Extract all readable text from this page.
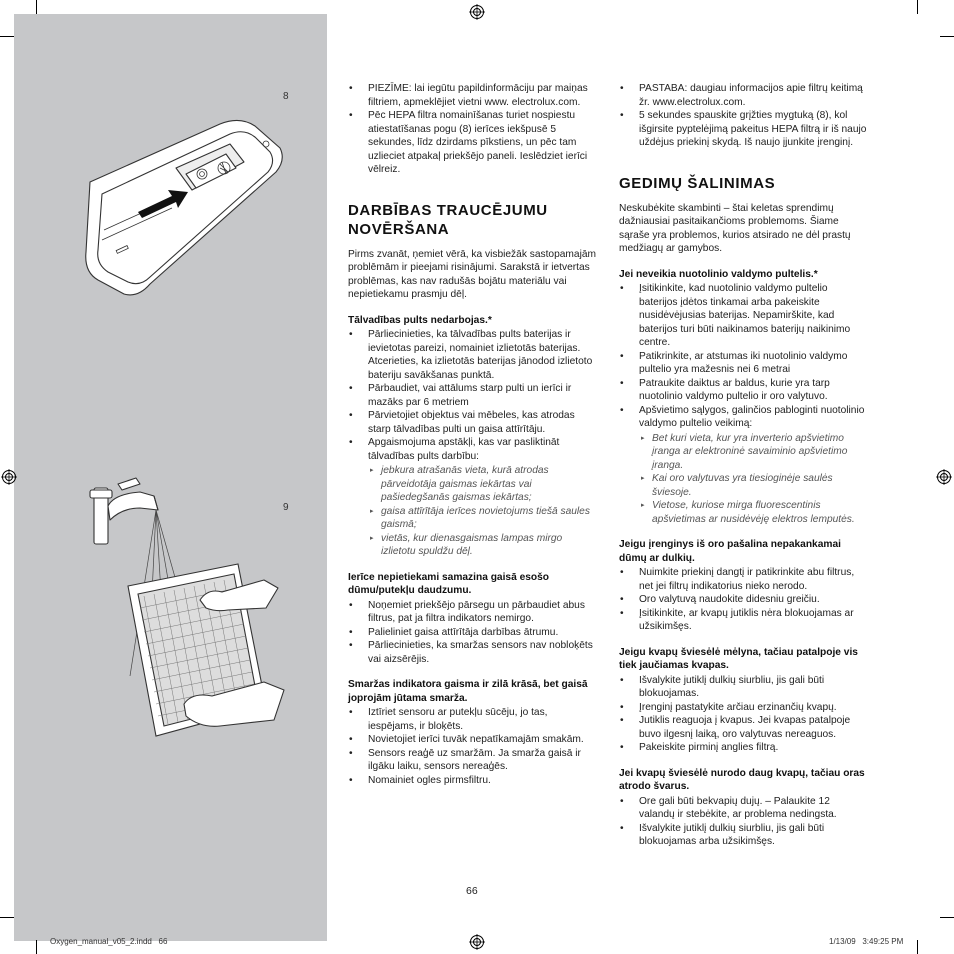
8
9
• PIEZĪME: lai iegūtu papildinformāciju par maiņas filtriem, apmeklējiet vietni www. electrolux.com.
• Pēc HEPA filtra nomainīšanas turiet nospiestu atiestatīšanas pogu (8) ierīces iekšpusē 5 sekundes, līdz dzirdams pīkstiens, un pēc tam uzlieciet atpakaļ priekšējo paneli. Ieslēdziet ierīci vēlreiz.
DARBĪBAS TRAUCĒJUMU NOVĒRŠANA

Pirms zvanāt, ņemiet vērā, ka visbiežāk sastopamajām problēmām ir pieejami risinājumi. Sarakstā ir ietvertas problēmas, kas nav radušās bojātu materiālu vai nepietiekamu prasmju dēļ.

Tālvadības pults nedarbojas.*
• Pārliecinieties, ka tālvadības pults baterijas ir ievietotas pareizi, nomainiet izlietotās baterijas. Atcerieties, ka izlietotās baterijas jānodod izlietoto bateriju savākšanas punktā.
• Pārbaudiet, vai attālums starp pulti un ierīci ir mazāks par 6 metriem
• Pārvietojiet objektus vai mēbeles, kas atrodas starp tālvadības pulti un gaisa attīrītāju.
• Apgaismojuma apstākļi, kas var pasliktināt tālvadības pults darbību:
▸ jebkura atrašanās vieta, kurā atrodas pārveidotāja gaismas iekārtas vai pašiedegšanās gaismas iekārtas;
▸ gaisa attīrītāja ierīces novietojums tiešā saules gaismā;
▸ vietās, kur dienasgaismas lampas mirgo izlietotu spuldžu dēļ.
Ierīce nepietiekami samazina gaisā esošo dūmu/putekļu daudzumu.
• Noņemiet priekšējo pārsegu un pārbaudiet abus filtrus, pat ja filtra indikators nemirgo.
• Palieliniet gaisa attīrītāja darbības ātrumu.
• Pārliecinieties, ka smaržas sensors nav nobloķēts vai aizsērējis.
Smaržas indikatora gaisma ir zilā krāsā, bet gaisā joprojām jūtama smarža.
• Iztīriet sensoru ar putekļu sūcēju, jo tas, iespējams, ir bloķēts.
• Novietojiet ierīci tuvāk nepatīkamajām smakām.
• Sensors reaģē uz smaržām. Ja smarža gaisā ir ilgāku laiku, sensors nereaģēs.
• Nomainiet ogles pirmsfiltru.
• PASTABA: daugiau informacijos apie filtrų keitimą žr. www.electrolux.com.
• 5 sekundes spauskite grįžties mygtuką (8), kol išgirsite pyptelėjimą pakeitus HEPA filtrą ir iš naujo uždėjus priekinį skydą. Iš naujo įjunkite įrenginį.
GEDIMŲ ŠALINIMAS

Neskubėkite skambinti – štai keletas sprendimų dažniausiai pasitaikančioms problemoms. Šiame sąraše yra problemos, kurios atsirado ne dėl prastų medžiagų ar gamybos.

Jei neveikia nuotolinio valdymo pultelis.*
• Įsitikinkite, kad nuotolinio valdymo pultelio baterijos įdėtos tinkamai arba pakeiskite nusidėvėjusias baterijas. Nepamirškite, kad baterijos turi būti naikinamos baterijų naikinimo centre.
• Patikrinkite, ar atstumas iki nuotolinio valdymo pultelio yra mažesnis nei 6 metrai
• Patraukite daiktus ar baldus, kurie yra tarp nuotolinio valdymo pultelio ir oro valytuvo.
• Apšvietimo sąlygos, galinčios pabloginti nuotolinio valdymo pultelio veikimą:
▸ Bet kuri vieta, kur yra inverterio apšvietimo įranga ar elektroninė savaiminio apšvietimo įranga.
▸ Kai oro valytuvas yra tiesioginėje saulės šviesoje.
▸ Vietose, kuriose mirga fluorescentinis apšvietimas ar nusidėvėję elektros lemputės.
Jeigu įrenginys iš oro pašalina nepakankamai dūmų ar dulkių.
• Nuimkite priekinį dangtį ir patikrinkite abu filtrus, net jei filtrų indikatorius nieko nerodo.
• Oro valytuvą naudokite didesniu greičiu.
• Įsitikinkite, ar kvapų jutiklis nėra blokuojamas ar užsikimšęs.
Jeigu kvapų šviesėlė mėlyna, tačiau patalpoje vis tiek jaučiamas kvapas.
• Išvalykite jutiklį dulkių siurbliu, jis gali būti blokuojamas.
• Įrenginį pastatykite arčiau erzinančių kvapų.
• Jutiklis reaguoja į kvapus. Jei kvapas patalpoje buvo ilgesnį laiką, oro valytuvas nereaguos.
• Pakeiskite pirminį anglies filtrą.
Jei kvapų šviesėlė nurodo daug kvapų, tačiau oras atrodo švarus.
• Ore gali būti bekvapių dujų. – Palaukite 12 valandų ir stebėkite, ar problema nedingsta.
• Išvalykite jutiklį dulkių siurbliu, jis gali būti blokuojamas arba užsikimšęs.
66
Oxygen_manual_v05_2.indd   66	1/13/09   3:49:25 PM
